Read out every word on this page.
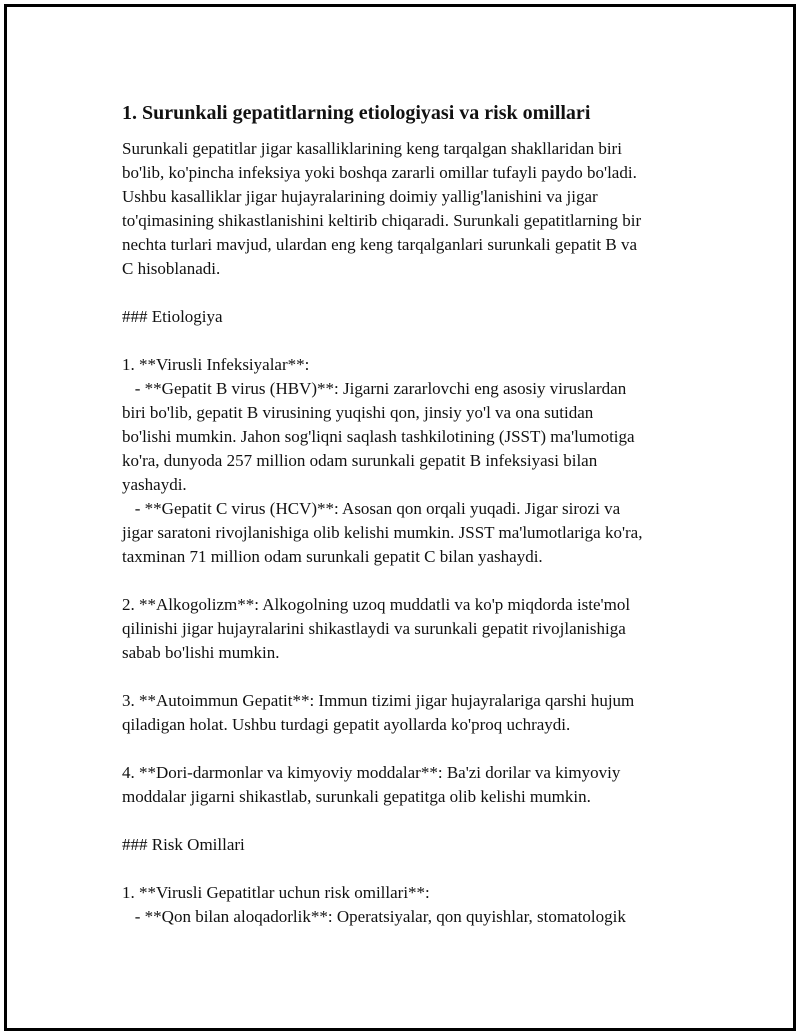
1. Surunkali gepatitlarning etiologiyasi va risk omillari

Surunkali gepatitlar jigar kasalliklarining keng tarqalgan shakllaridan biri
bo'lib, ko'pincha infeksiya yoki boshqa zararli omillar tufayli paydo bo'ladi.
Ushbu kasalliklar jigar hujayralarining doimiy yallig'lanishini va jigar
to'qimasining shikastlanishini keltirib chiqaradi. Surunkali gepatitlarning bir
nechta turlari mavjud, ulardan eng keng tarqalganlari surunkali gepatit B va
C hisoblanadi.

### Etiologiya

1. **Virusli Infeksiyalar**:
- **Gepatit B virus (HBV)**: Jigarni zararlovchi eng asosiy viruslardan
biri bo'lib, gepatit B virusining yuqishi qon, jinsiy yo'l va ona sutidan
bo'lishi mumkin. Jahon sog'liqni saqlash tashkilotining (JSST) ma'lumotiga
ko'ra, dunyoda 257 million odam surunkali gepatit B infeksiyasi bilan
yashaydi.
- **Gepatit C virus (HCV)**: Asosan qon orqali yuqadi. Jigar sirozi va
jigar saratoni rivojlanishiga olib kelishi mumkin. JSST ma'lumotlariga ko'ra,
taxminan 71 million odam surunkali gepatit C bilan yashaydi.

2. **Alkogolizm**: Alkogolning uzoq muddatli va ko'p miqdorda iste'mol
qilinishi jigar hujayralarini shikastlaydi va surunkali gepatit rivojlanishiga
sabab bo'lishi mumkin.

3. **Autoimmun Gepatit**: Immun tizimi jigar hujayralariga qarshi hujum
qiladigan holat. Ushbu turdagi gepatit ayollarda ko'proq uchraydi.

4. **Dori-darmonlar va kimyoviy moddalar**: Ba'zi dorilar va kimyoviy
moddalar jigarni shikastlab, surunkali gepatitga olib kelishi mumkin.

### Risk Omillari

1. **Virusli Gepatitlar uchun risk omillari**:
- **Qon bilan aloqadorlik**: Operatsiyalar, qon quyishlar, stomatologik
